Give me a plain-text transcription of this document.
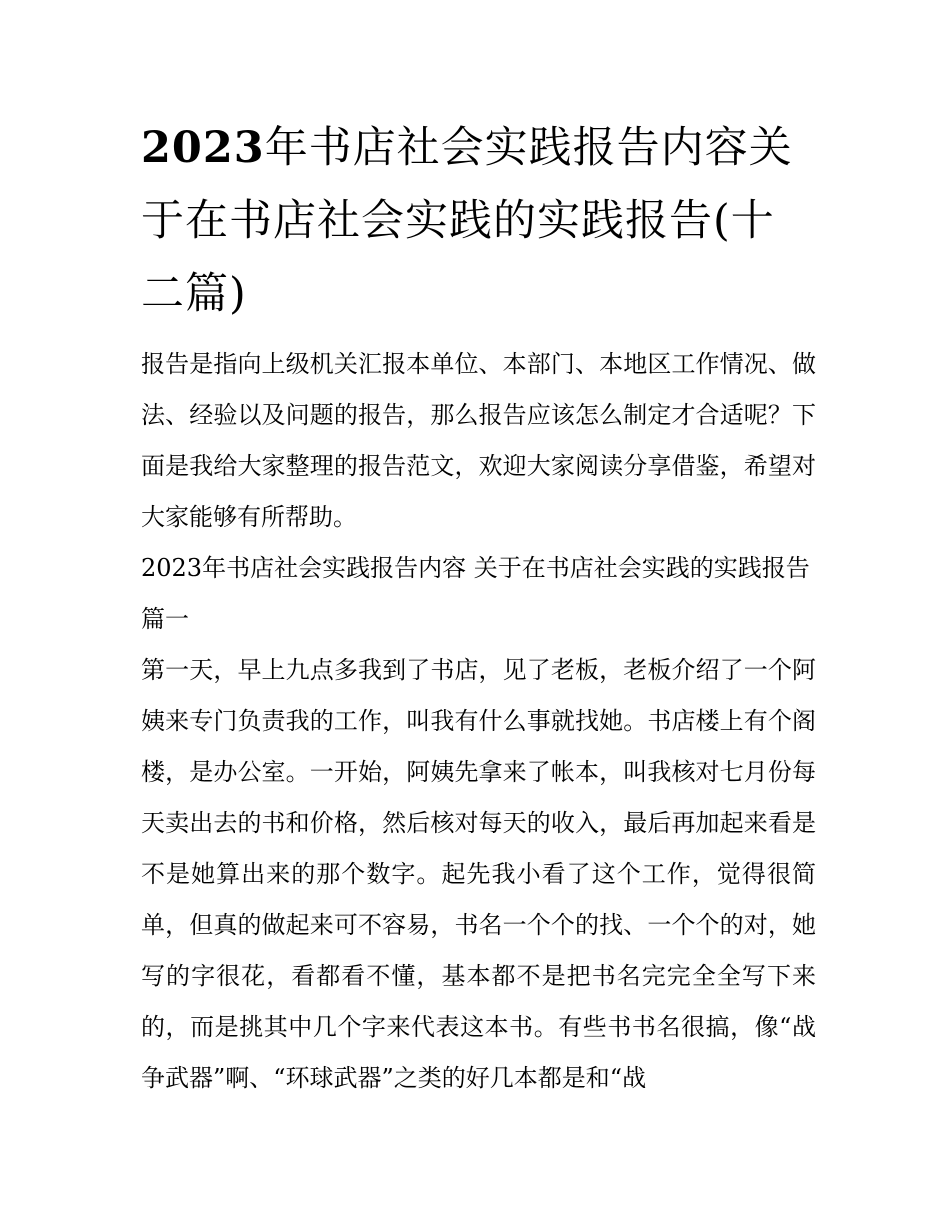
2023年书店社会实践报告内容关于在书店社会实践的实践报告(十二篇)

报告是指向上级机关汇报本单位、本部门、本地区工作情况、做法、经验以及问题的报告，那么报告应该怎么制定才合适呢？下面是我给大家整理的报告范文，欢迎大家阅读分享借鉴，希望对大家能够有所帮助。

2023年书店社会实践报告内容 关于在书店社会实践的实践报告篇一

第一天，早上九点多我到了书店，见了老板，老板介绍了一个阿姨来专门负责我的工作，叫我有什么事就找她。书店楼上有个阁楼，是办公室。一开始，阿姨先拿来了帐本，叫我核对七月份每天卖出去的书和价格，然后核对每天的收入，最后再加起来看是不是她算出来的那个数字。起先我小看了这个工作，觉得很简单，但真的做起来可不容易，书名一个个的找、一个个的对，她写的字很花，看都看不懂，基本都不是把书名完完全全写下来的，而是挑其中几个字来代表这本书。有些书书名很搞，像“战争武器”啊、“环球武器”之类的好几本都是和“战
